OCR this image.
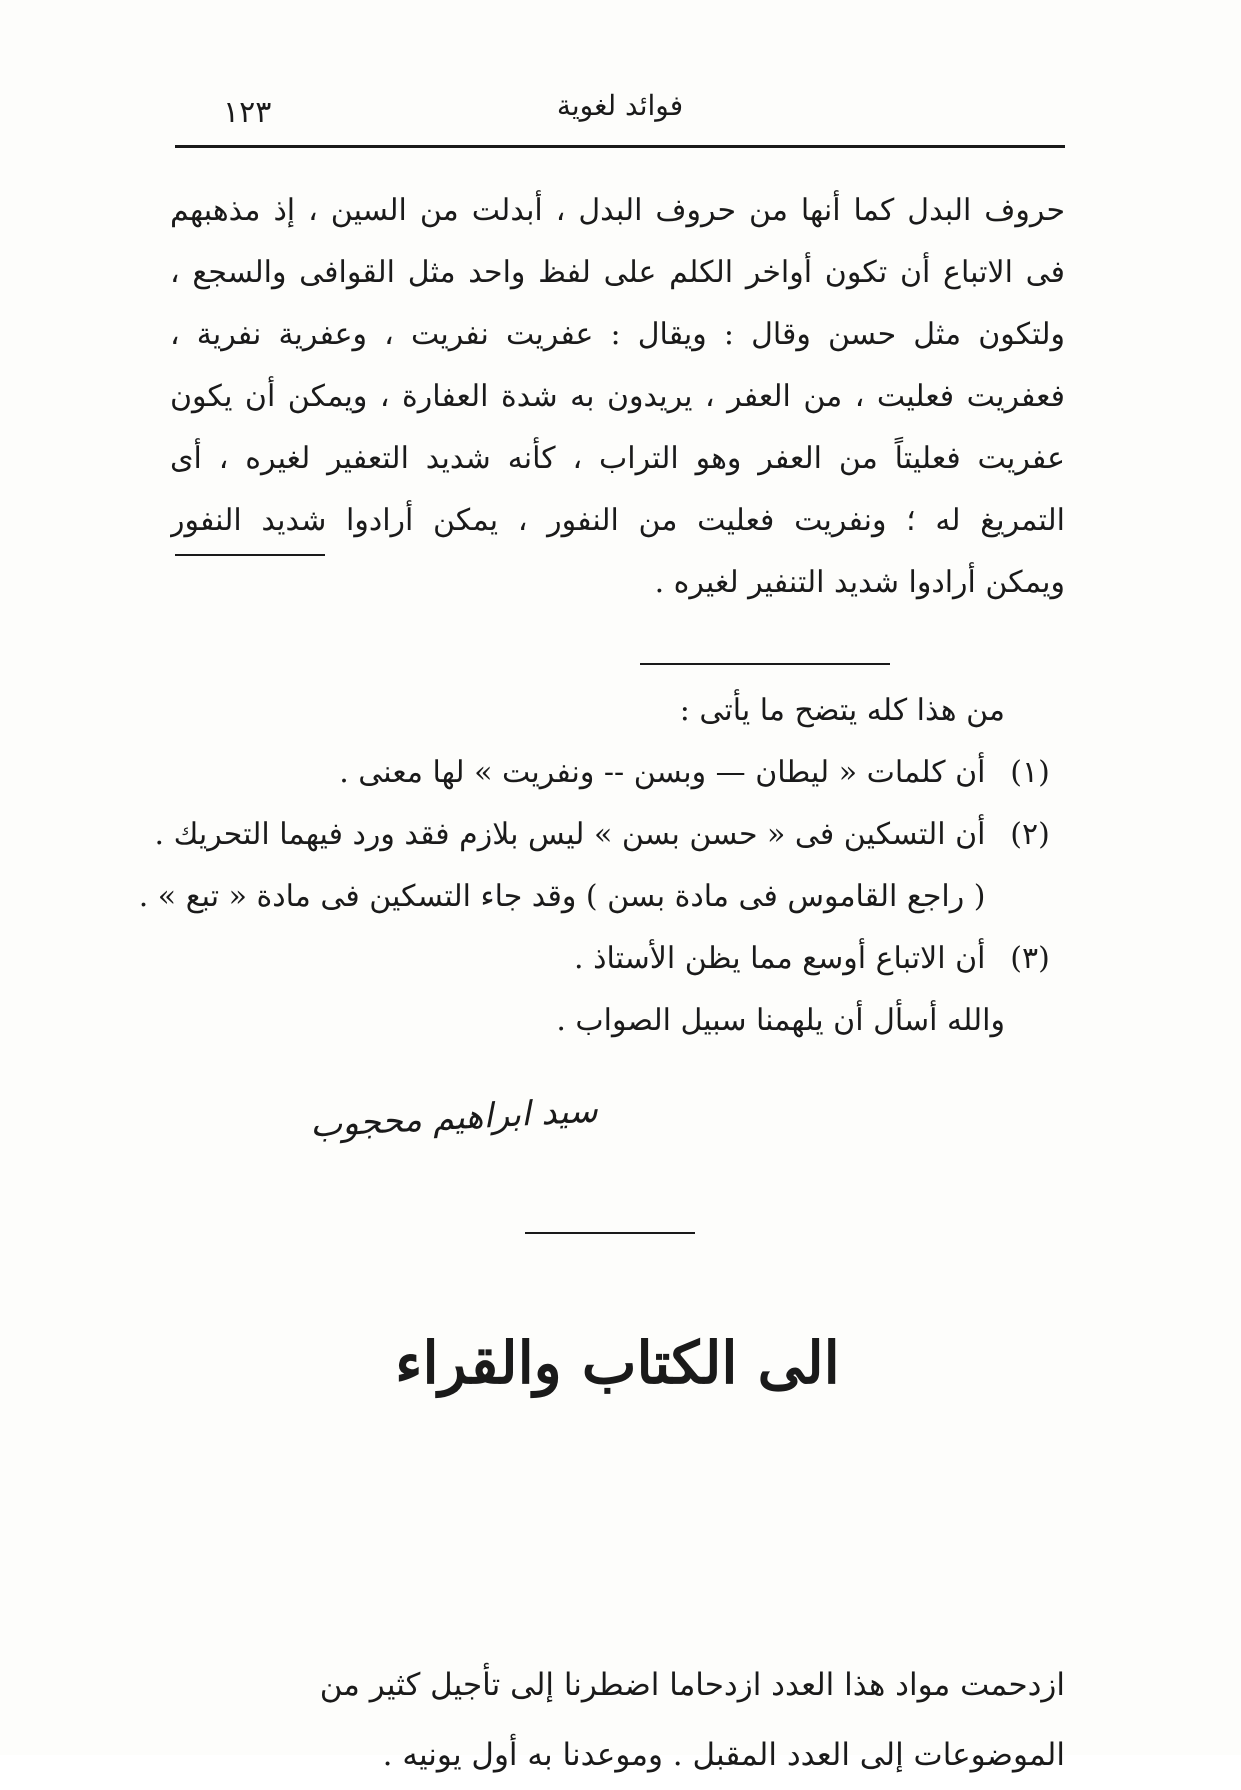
١٢٣	فوائد لغوية
حروف البدل كما أنها من حروف البدل ، أبدلت من السين ، إذ مذهبهم
فى الاتباع أن تكون أواخر الكلم على لفظ واحد مثل القوافى والسجع ،
ولتكون مثل حسن وقال : ويقال : عفريت نفريت ، وعفرية نفرية ،
فعفريت فعليت ، من العفر ، يريدون به شدة العفارة ، ويمكن أن يكون
عفريت فعليتاً من العفر وهو التراب ، كأنه شديد التعفير لغيره ، أى
التمريغ له ؛ ونفريت فعليت من النفور ، يمكن أرادوا شديد النفور
ويمكن أرادوا شديد التنفير لغيره .
من هذا كله يتضح ما يأتى :
(١) أن كلمات « ليطان — وبسن -- ونفريت » لها معنى .
(٢) أن التسكين فى « حسن بسن » ليس بلازم فقد ورد فيهما التحريك .
( راجع القاموس فى مادة بسن ) وقد جاء التسكين فى مادة « تبع » .
(٣) أن الاتباع أوسع مما يظن الأستاذ .
والله أسأل أن يلهمنا سبيل الصواب .
سيد ابراهيم محجوب
الى الكتاب والقراء
ازدحمت مواد هذا العدد ازدحاما اضطرنا إلى تأجيل كثير من
الموضوعات إلى العدد المقبل . وموعدنا به أول يونيه .
